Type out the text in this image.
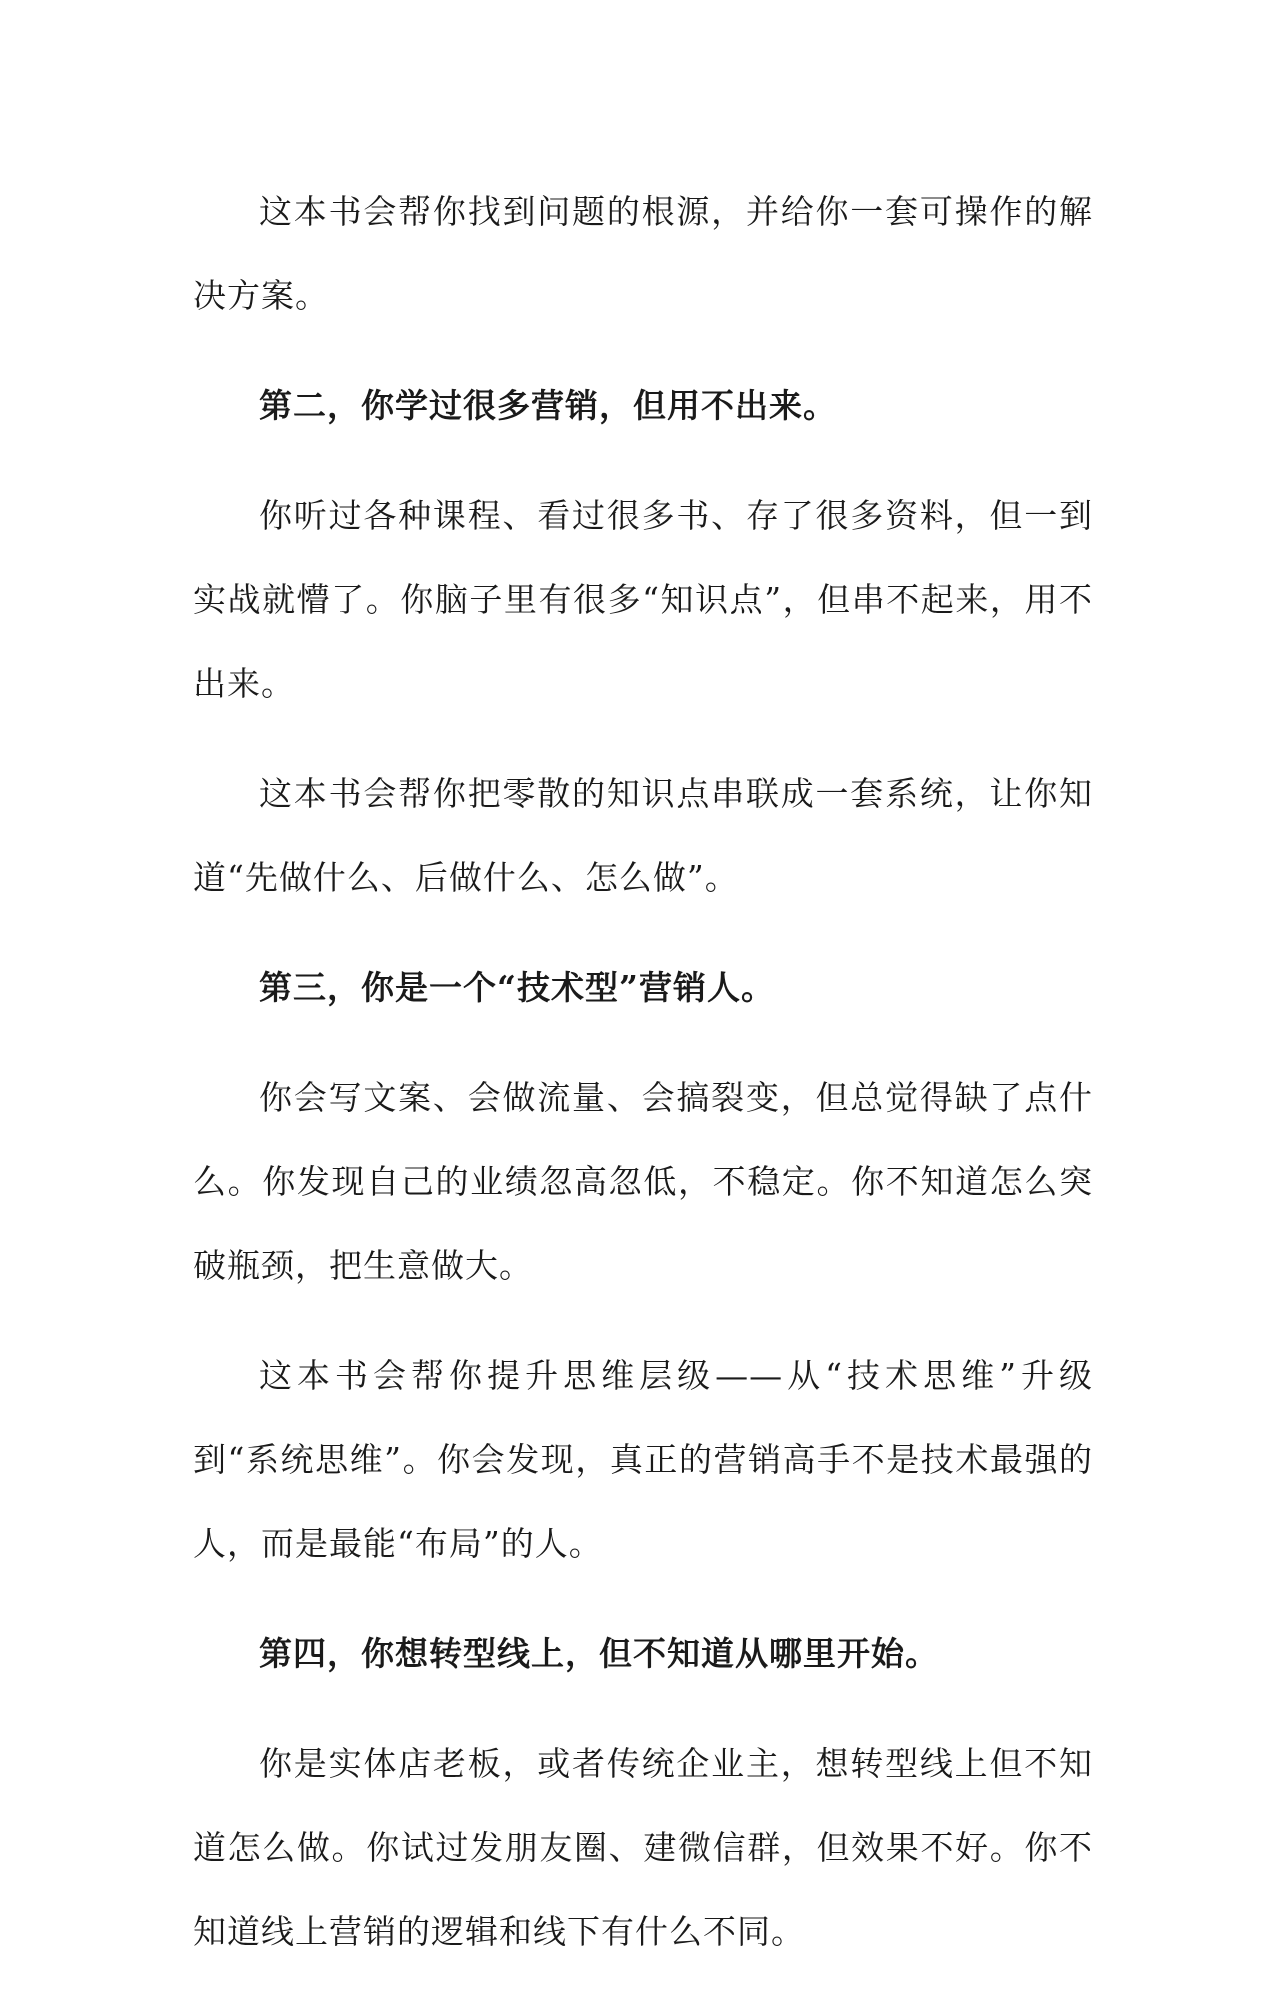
这本书会帮你找到问题的根源，并给你一套可操作的解决方案。

第二，你学过很多营销，但用不出来。

你听过各种课程、看过很多书、存了很多资料，但一到实战就懵了。你脑子里有很多“知识点”，但串不起来，用不出来。

这本书会帮你把零散的知识点串联成一套系统，让你知道“先做什么、后做什么、怎么做”。

第三，你是一个“技术型”营销人。

你会写文案、会做流量、会搞裂变，但总觉得缺了点什么。你发现自己的业绩忽高忽低，不稳定。你不知道怎么突破瓶颈，把生意做大。

这本书会帮你提升思维层级——从“技术思维”升级到“系统思维”。你会发现，真正的营销高手不是技术最强的人，而是最能“布局”的人。

第四，你想转型线上，但不知道从哪里开始。

你是实体店老板，或者传统企业主，想转型线上但不知道怎么做。你试过发朋友圈、建微信群，但效果不好。你不知道线上营销的逻辑和线下有什么不同。
